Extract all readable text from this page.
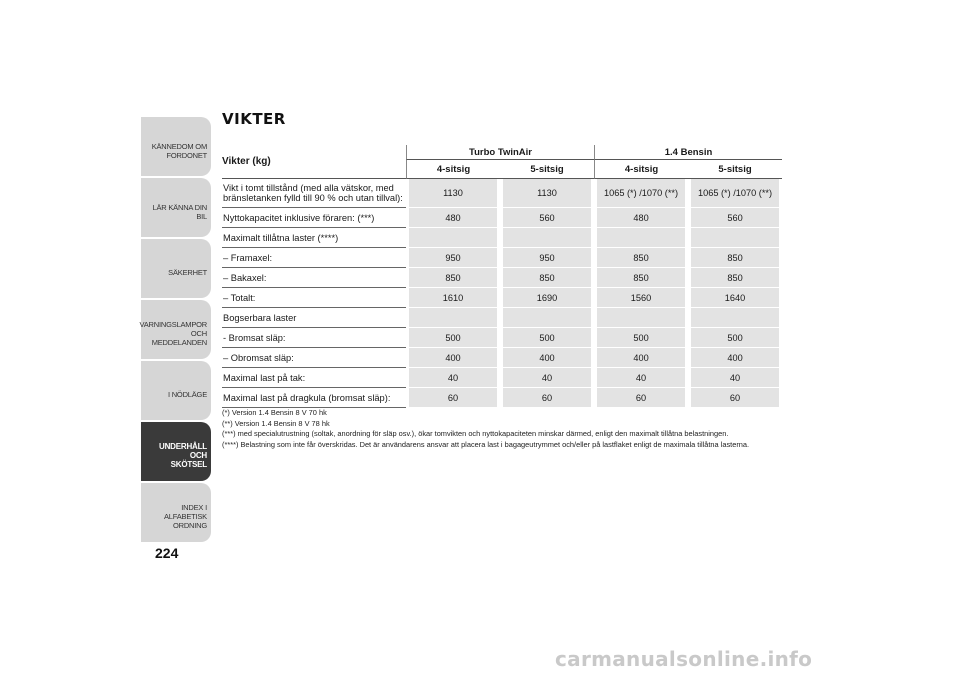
KÄNNEDOM OM
FORDONET
LÄR KÄNNA DIN BIL
SÄKERHET
VARNINGSLAMPOR
OCH MEDDELANDEN
I NÖDLÄGE
UNDERHÅLL OCH
SKÖTSEL
INDEX I ALFABETISK
ORDNING
224
VIKTER
Vikter (kg)	Turbo TwinAir		1.4 Bensin	
	4-sitsig	5-sitsig	4-sitsig	5-sitsig

Vikt i tomt tillstånd (med alla vätskor, med
bränsletanken fylld till 90 % och utan tillval):	1130	1130	1065 (*) /1070 (**)	1065 (*) /1070 (**)

Nyttokapacitet inklusive föraren: (***)	480	560	480	560

Maximalt tillåtna laster (****)				

– Framaxel:	950	950	850	850

– Bakaxel:	850	850	850	850

– Totalt:	1610	1690	1560	1640

Bogserbara laster				

- Bromsat släp:	500	500	500	500

– Obromsat släp:	400	400	400	400

Maximal last på tak:	40	40	40	40

Maximal last på dragkula (bromsat släp):	60	60	60	60
(*) Version 1.4 Bensin 8 V 70 hk
(**) Version 1.4 Bensin 8 V 78 hk
(***) med specialutrustning (soltak, anordning för släp osv.), ökar tomvikten och nyttokapaciteten minskar därmed, enligt den maximalt tillåtna belastningen.
(****) Belastning som inte får överskridas. Det är användarens ansvar att placera last i bagageutrymmet och/eller på lastflaket enligt de maximala tillåtna lasterna.
carmanualsonline.info
